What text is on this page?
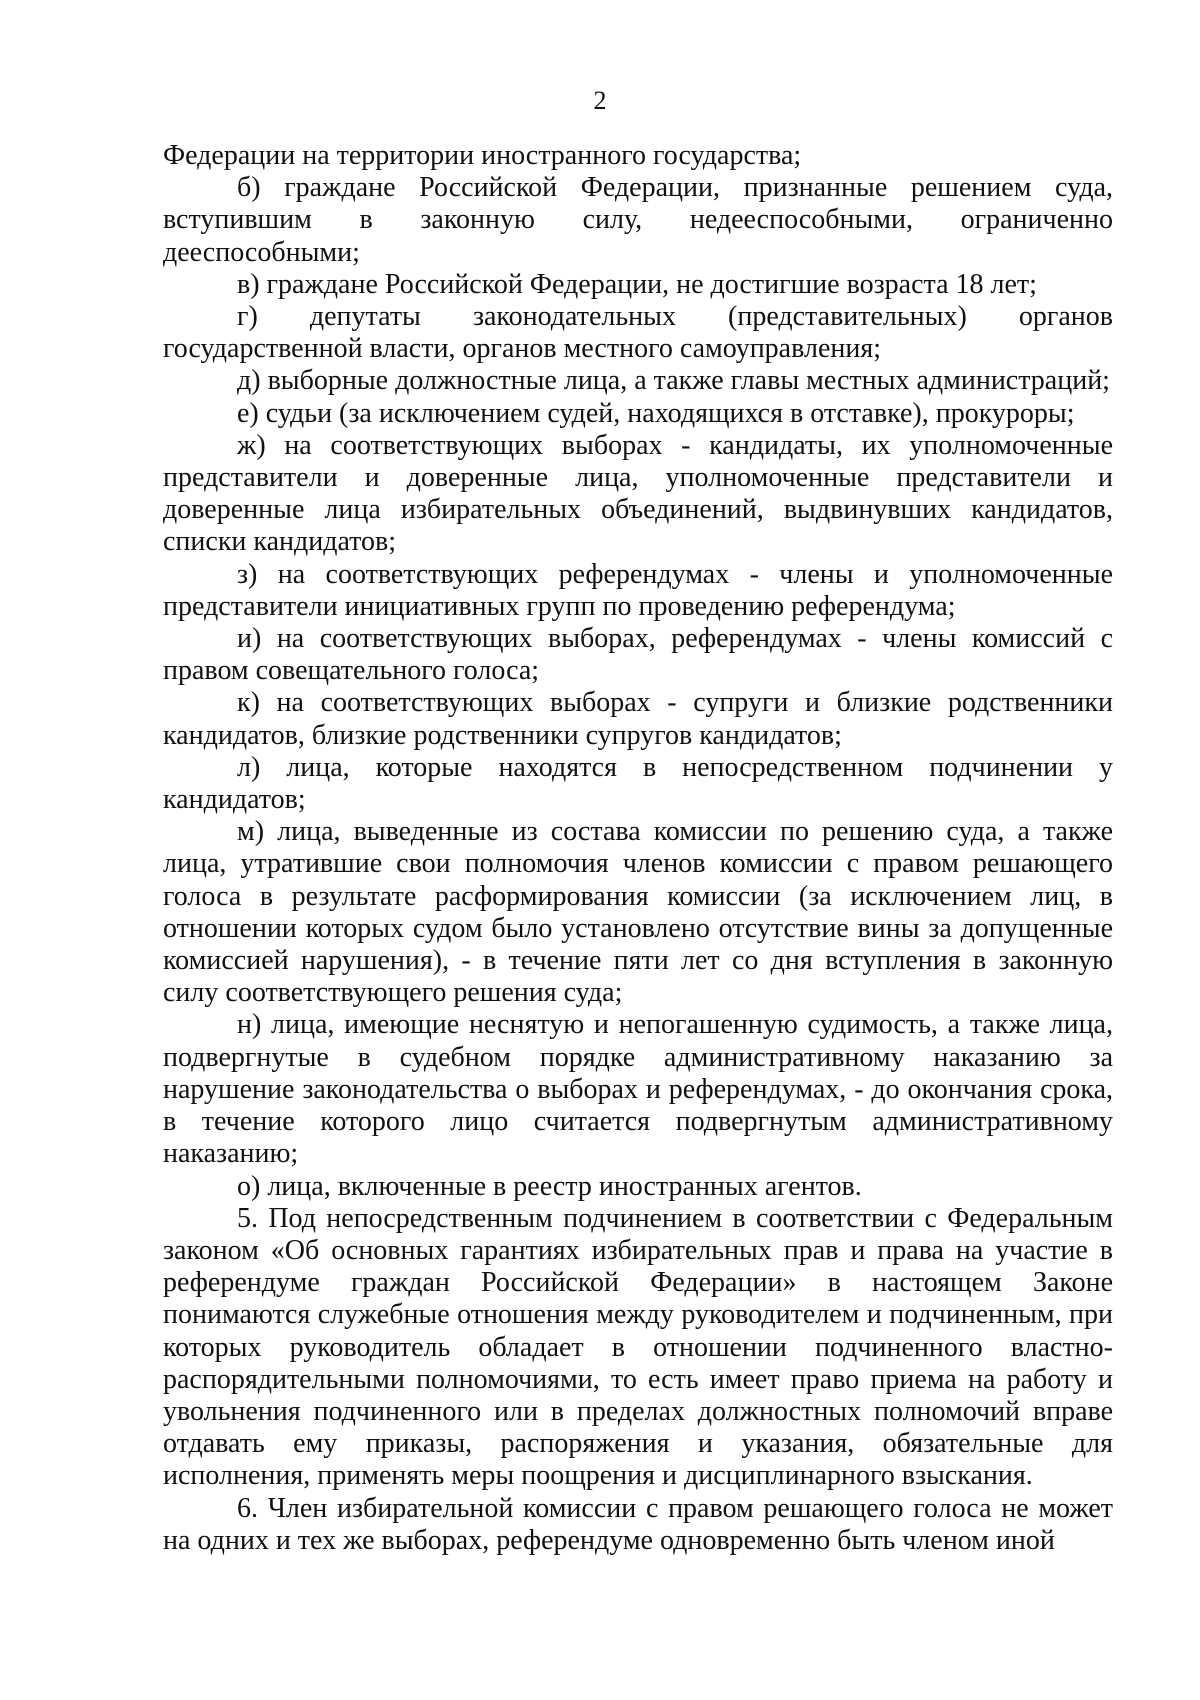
2

Федерации на территории иностранного государства;

б) граждане Российской Федерации, признанные решением суда, вступившим в законную силу, недееспособными, ограниченно дееспособными;

в) граждане Российской Федерации, не достигшие возраста 18 лет;

г) депутаты законодательных (представительных) органов государственной власти, органов местного самоуправления;

д) выборные должностные лица, а также главы местных администраций;

е) судьи (за исключением судей, находящихся в отставке), прокуроры;

ж) на соответствующих выборах - кандидаты, их уполномоченные представители и доверенные лица, уполномоченные представители и доверенные лица избирательных объединений, выдвинувших кандидатов, списки кандидатов;

з) на соответствующих референдумах - члены и уполномоченные представители инициативных групп по проведению референдума;

и) на соответствующих выборах, референдумах - члены комиссий с правом совещательного голоса;

к) на соответствующих выборах - супруги и близкие родственники кандидатов, близкие родственники супругов кандидатов;

л) лица, которые находятся в непосредственном подчинении у кандидатов;

м) лица, выведенные из состава комиссии по решению суда, а также лица, утратившие свои полномочия членов комиссии с правом решающего голоса в результате расформирования комиссии (за исключением лиц, в отношении которых судом было установлено отсутствие вины за допущенные комиссией нарушения), - в течение пяти лет со дня вступления в законную силу соответствующего решения суда;

н) лица, имеющие неснятую и непогашенную судимость, а также лица, подвергнутые в судебном порядке административному наказанию за нарушение законодательства о выборах и референдумах, - до окончания срока, в течение которого лицо считается подвергнутым административному наказанию;

о) лица, включенные в реестр иностранных агентов.

5. Под непосредственным подчинением в соответствии с Федеральным законом «Об основных гарантиях избирательных прав и права на участие в референдуме граждан Российской Федерации» в настоящем Законе понимаются служебные отношения между руководителем и подчиненным, при которых руководитель обладает в отношении подчиненного властно-распорядительными полномочиями, то есть имеет право приема на работу и увольнения подчиненного или в пределах должностных полномочий вправе отдавать ему приказы, распоряжения и указания, обязательные для исполнения, применять меры поощрения и дисциплинарного взыскания.

6. Член избирательной комиссии с правом решающего голоса не может на одних и тех же выборах, референдуме одновременно быть членом иной
